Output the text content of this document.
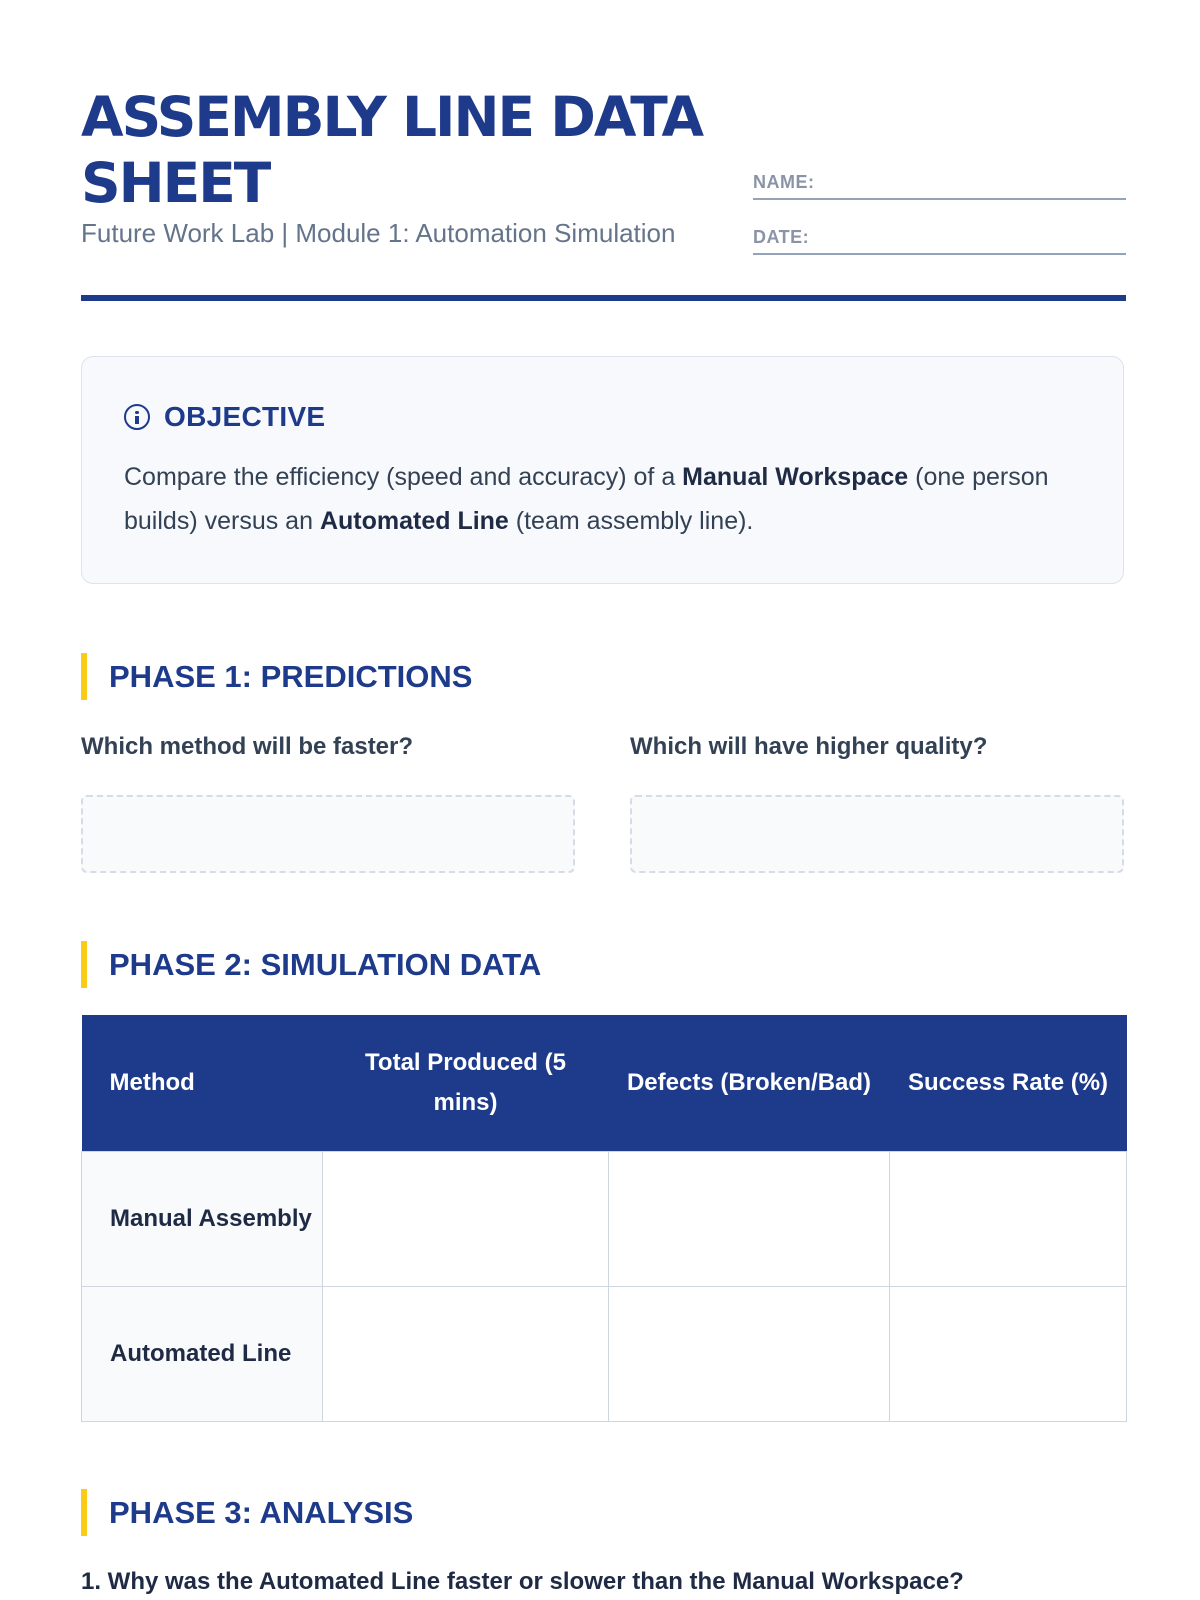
ASSEMBLY LINE DATA SHEET
Future Work Lab | Module 1: Automation Simulation
NAME:
DATE:
OBJECTIVE
Compare the efficiency (speed and accuracy) of a Manual Workspace (one person builds) versus an Automated Line (team assembly line).
PHASE 1: PREDICTIONS
Which method will be faster?	Which will have higher quality?
PHASE 2: SIMULATION DATA
Method	Total Produced (5 mins)	Defects (Broken/Bad)	Success Rate (%)
Manual Assembly			
Automated Line			
PHASE 3: ANALYSIS
1. Why was the Automated Line faster or slower than the Manual Workspace?
